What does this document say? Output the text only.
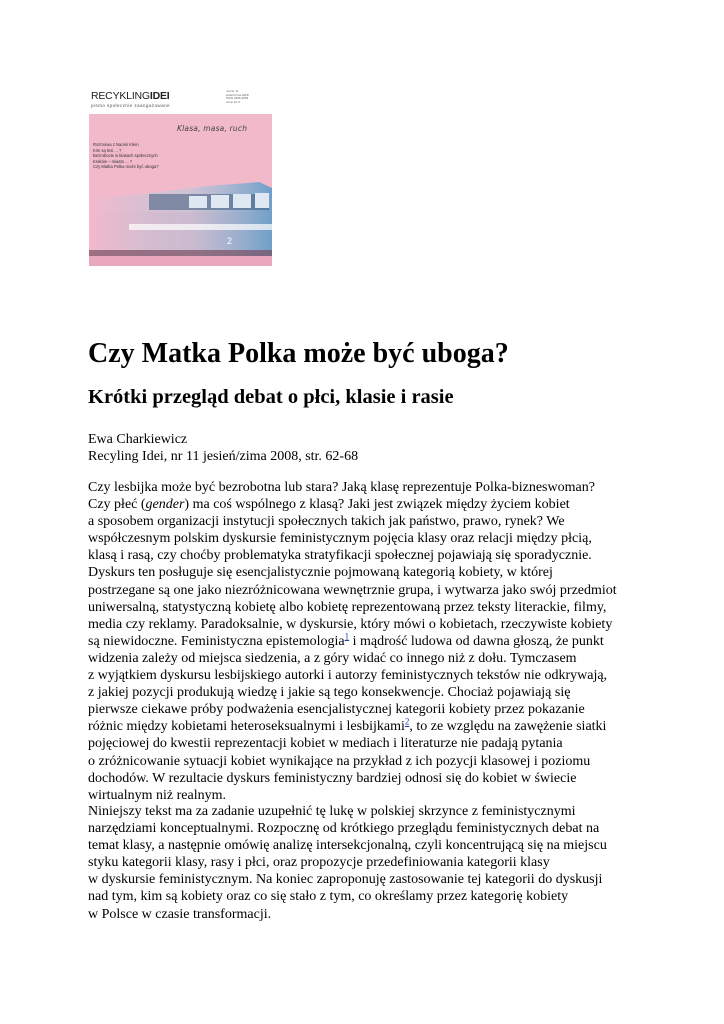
RECYKLINGIDEI
pismo społecznie zaangażowane
numer 11
jesień/zima 2008
ISSN 1895-3859
cena 12 zł
Klasa, masa, ruch
Rozmowa z Naomi Klein
Kim są lesi ... ?
Bezrobocie w klasach społecznych
Kraków – miasto ... ?
Czy Matka Polka może być uboga?
2
Czy Matka Polka może być uboga?
Krótki przegląd debat o płci, klasie i rasie
Ewa Charkiewicz
Recyling Idei, nr 11 jesień/zima 2008, str. 62-68
Czy lesbijka może być bezrobotna lub stara? Jaką klasę reprezentuje Polka-bizneswoman?
Czy płeć (gender) ma coś wspólnego z klasą? Jaki jest związek między życiem kobiet
a sposobem organizacji instytucji społecznych takich jak państwo, prawo, rynek? We
współczesnym polskim dyskursie feministycznym pojęcia klasy oraz relacji między płcią,
klasą i rasą, czy choćby problematyka stratyfikacji społecznej pojawiają się sporadycznie.
Dyskurs ten posługuje się esencjalistycznie pojmowaną kategorią kobiety, w której
postrzegane są one jako niezróżnicowana wewnętrznie grupa, i wytwarza jako swój przedmiot
uniwersalną, statystyczną kobietę albo kobietę reprezentowaną przez teksty literackie, filmy,
media czy reklamy. Paradoksalnie, w dyskursie, który mówi o kobietach, rzeczywiste kobiety
są niewidoczne. Feministyczna epistemologia$^1$ i mądrość ludowa od dawna głoszą, że punkt
widzenia zależy od miejsca siedzenia, a z góry widać co innego niż z dołu. Tymczasem
z wyjątkiem dyskursu lesbijskiego autorki i autorzy feministycznych tekstów nie odkrywają,
z jakiej pozycji produkują wiedzę i jakie są tego konsekwencje. Chociaż pojawiają się
pierwsze ciekawe próby podważenia esencjalistycznej kategorii kobiety przez pokazanie
różnic między kobietami heteroseksualnymi i lesbijkami$^2$, to ze względu na zawężenie siatki
pojęciowej do kwestii reprezentacji kobiet w mediach i literaturze nie padają pytania
o zróżnicowanie sytuacji kobiet wynikające na przykład z ich pozycji klasowej i poziomu
dochodów. W rezultacie dyskurs feministyczny bardziej odnosi się do kobiet w świecie
wirtualnym niż realnym.
Niniejszy tekst ma za zadanie uzupełnić tę lukę w polskiej skrzynce z feministycznymi
narzędziami konceptualnymi. Rozpocznę od krótkiego przeglądu feministycznych debat na
temat klasy, a następnie omówię analizę intersekcjonalną, czyli koncentrującą się na miejscu
styku kategorii klasy, rasy i płci, oraz propozycje przedefiniowania kategorii klasy
w dyskursie feministycznym. Na koniec zaproponuję zastosowanie tej kategorii do dyskusji
nad tym, kim są kobiety oraz co się stało z tym, co określamy przez kategorię kobiety
w Polsce w czasie transformacji.
